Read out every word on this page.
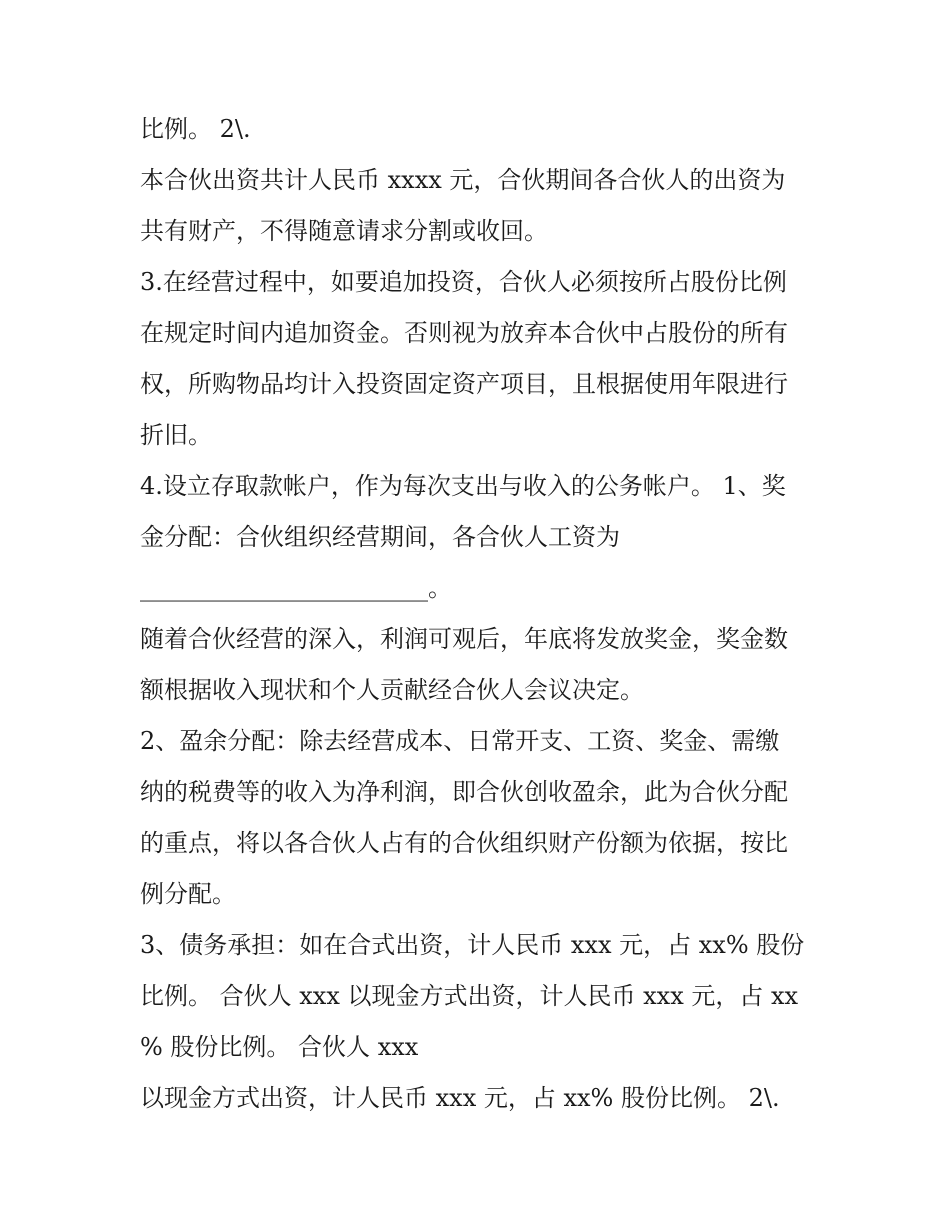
比例。 2\.
本合伙出资共计人民币 xxxx 元，合伙期间各合伙人的出资为
共有财产，不得随意请求分割或收回。
3.在经营过程中，如要追加投资，合伙人必须按所占股份比例
在规定时间内追加资金。否则视为放弃本合伙中占股份的所有
权，所购物品均计入投资固定资产项目，且根据使用年限进行
折旧。
4.设立存取款帐户，作为每次支出与收入的公务帐户。 1、奖
金分配：合伙组织经营期间，各合伙人工资为
________________________。
随着合伙经营的深入，利润可观后，年底将发放奖金，奖金数
额根据收入现状和个人贡献经合伙人会议决定。
2、盈余分配：除去经营成本、日常开支、工资、奖金、需缴
纳的税费等的收入为净利润，即合伙创收盈余，此为合伙分配
的重点，将以各合伙人占有的合伙组织财产份额为依据，按比
例分配。
3、债务承担：如在合式出资，计人民币 xxx 元，占 xx% 股份
比例。 合伙人 xxx 以现金方式出资，计人民币 xxx 元，占 xx
% 股份比例。 合伙人 xxx
以现金方式出资，计人民币 xxx 元，占 xx% 股份比例。 2\.
